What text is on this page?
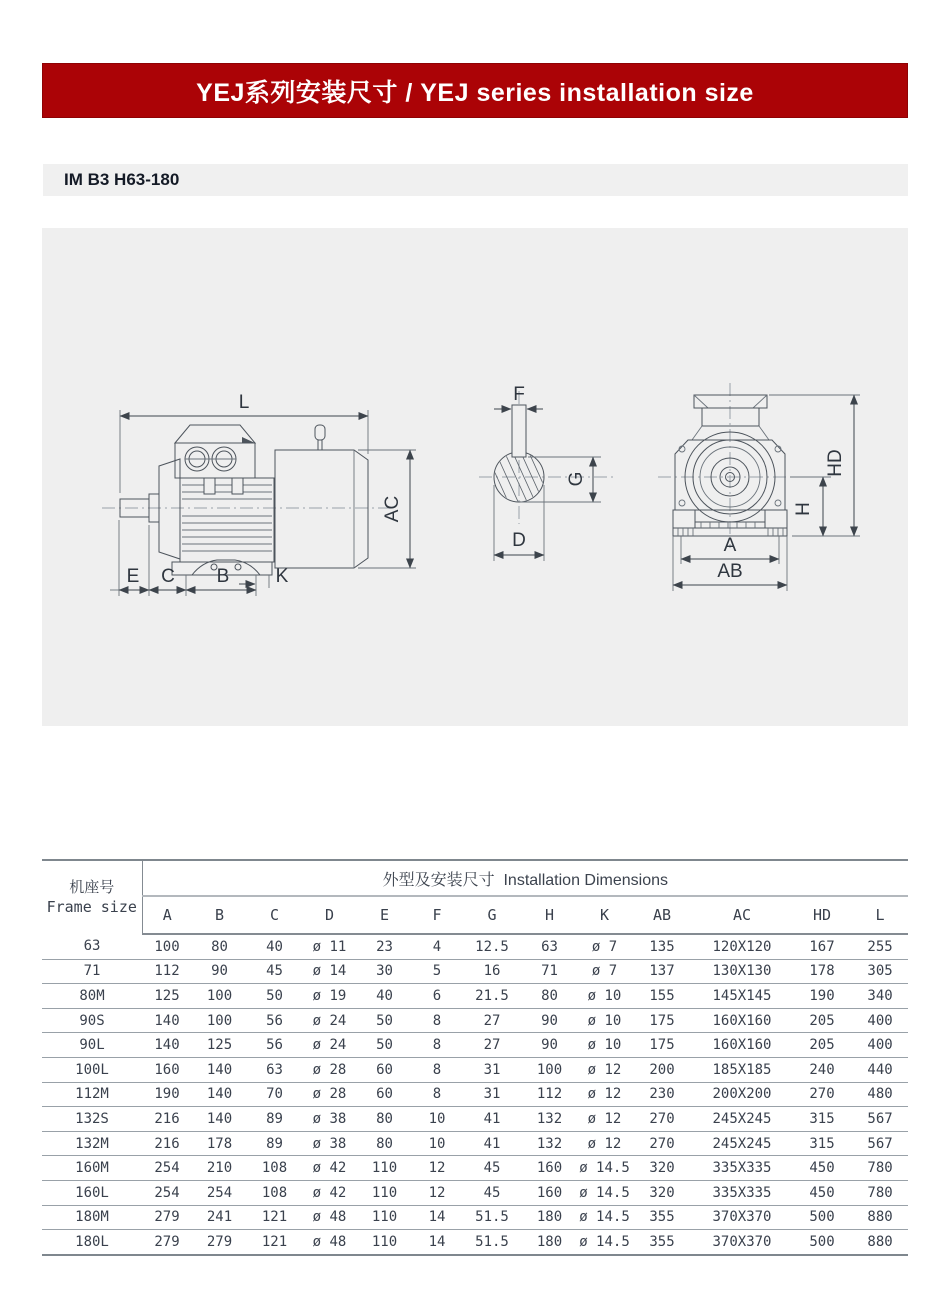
YEJ系列安装尺寸 / YEJ series installation size
IM B3 H63-180
L
AC
E C B K
F
G
D
HD
H
A
AB
机座号
Frame size	外型及安装尺寸  Installation Dimensions												
	A	B	C	D	E	F	G	H	K	AB	AC	HD	L
63	100	80	40	ø 11	23	4	12.5	63	ø 7	135	120X120	167	255
71	112	90	45	ø 14	30	5	16	71	ø 7	137	130X130	178	305
80M	125	100	50	ø 19	40	6	21.5	80	ø 10	155	145X145	190	340
90S	140	100	56	ø 24	50	8	27	90	ø 10	175	160X160	205	400
90L	140	125	56	ø 24	50	8	27	90	ø 10	175	160X160	205	400
100L	160	140	63	ø 28	60	8	31	100	ø 12	200	185X185	240	440
112M	190	140	70	ø 28	60	8	31	112	ø 12	230	200X200	270	480
132S	216	140	89	ø 38	80	10	41	132	ø 12	270	245X245	315	567
132M	216	178	89	ø 38	80	10	41	132	ø 12	270	245X245	315	567
160M	254	210	108	ø 42	110	12	45	160	ø 14.5	320	335X335	450	780
160L	254	254	108	ø 42	110	12	45	160	ø 14.5	320	335X335	450	780
180M	279	241	121	ø 48	110	14	51.5	180	ø 14.5	355	370X370	500	880
180L	279	279	121	ø 48	110	14	51.5	180	ø 14.5	355	370X370	500	880
